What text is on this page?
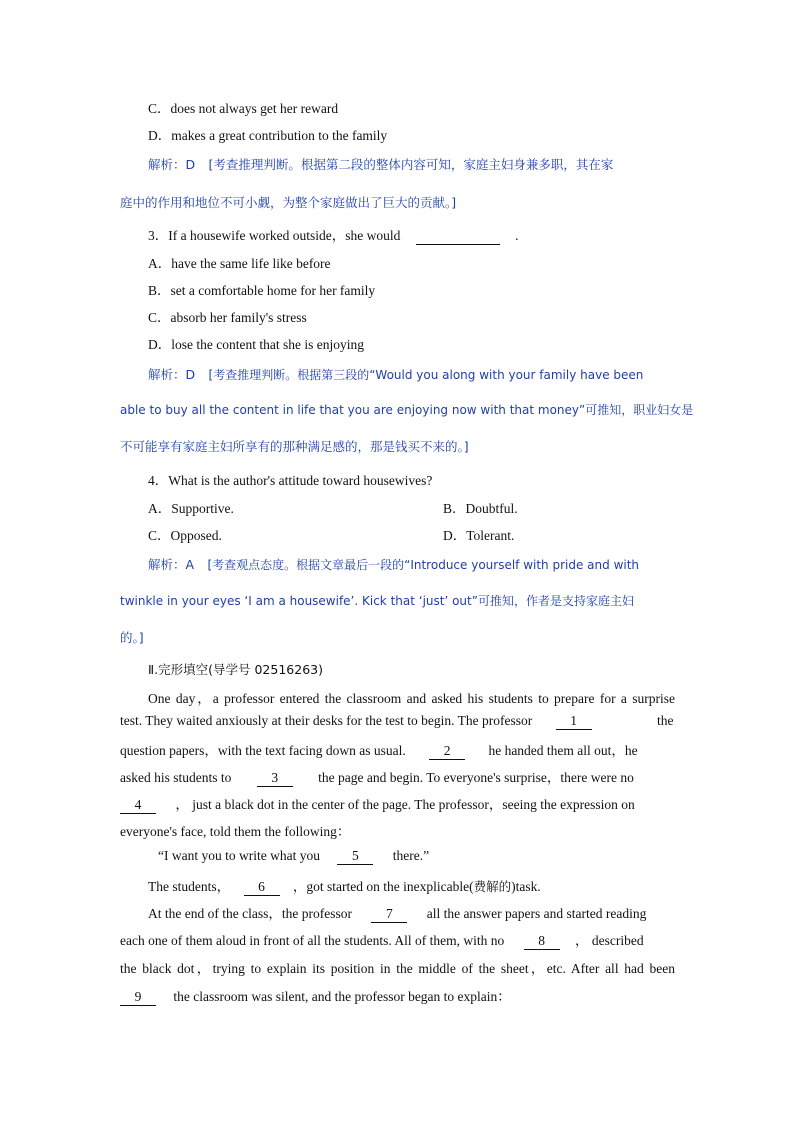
C．does not always get her reward
D．makes a great contribution to the family
解析：D [考查推理判断。根据第二段的整体内容可知，家庭主妇身兼多职，其在家
庭中的作用和地位不可小觑，为整个家庭做出了巨大的贡献。]
3．If a housewife worked outside，she would	.
A．have the same life like before
B．set a comfortable home for her family
C．absorb her family's stress
D．lose the content that she is enjoying
解析：D [考查推理判断。根据第三段的“Would you along with your family have been
able to buy all the content in life that you are enjoying now with that money”可推知，职业妇女是
不可能享有家庭主妇所享有的那种满足感的，那是钱买不来的。]
4．What is the author's attitude toward housewives?
A．Supportive.	B．Doubtful.
C．Opposed.	D．Tolerant.
解析：A [考查观点态度。根据文章最后一段的“Introduce yourself with pride and with
twinkle in your eyes ‘I am a housewife’. Kick that ‘just’ out”可推知，作者是支持家庭主妇
的。]
Ⅱ.完形填空(导学号 02516263)
One day，a professor entered the classroom and asked his students to prepare for a surprise
test. They waited anxiously at their desks for the test to begin. The professor	1	the
question papers，with the text facing down as usual.	2	he handed them all out，he
asked his students to	3	the page and begin. To everyone's surprise，there were no
4	， just a black dot in the center of the page. The professor，seeing the expression on
everyone's face, told them the following：
“I want you to write what you 5	there.”
The students， 6 ，got started on the inexplicable(费解的)task.
At the end of the class，the professor	7	all the answer papers and started reading
each one of them aloud in front of all the students. All of them, with no	8 ， described
the black dot，trying to explain its position in the middle of the sheet，etc. After all had been
9 the classroom was silent, and the professor began to explain：
